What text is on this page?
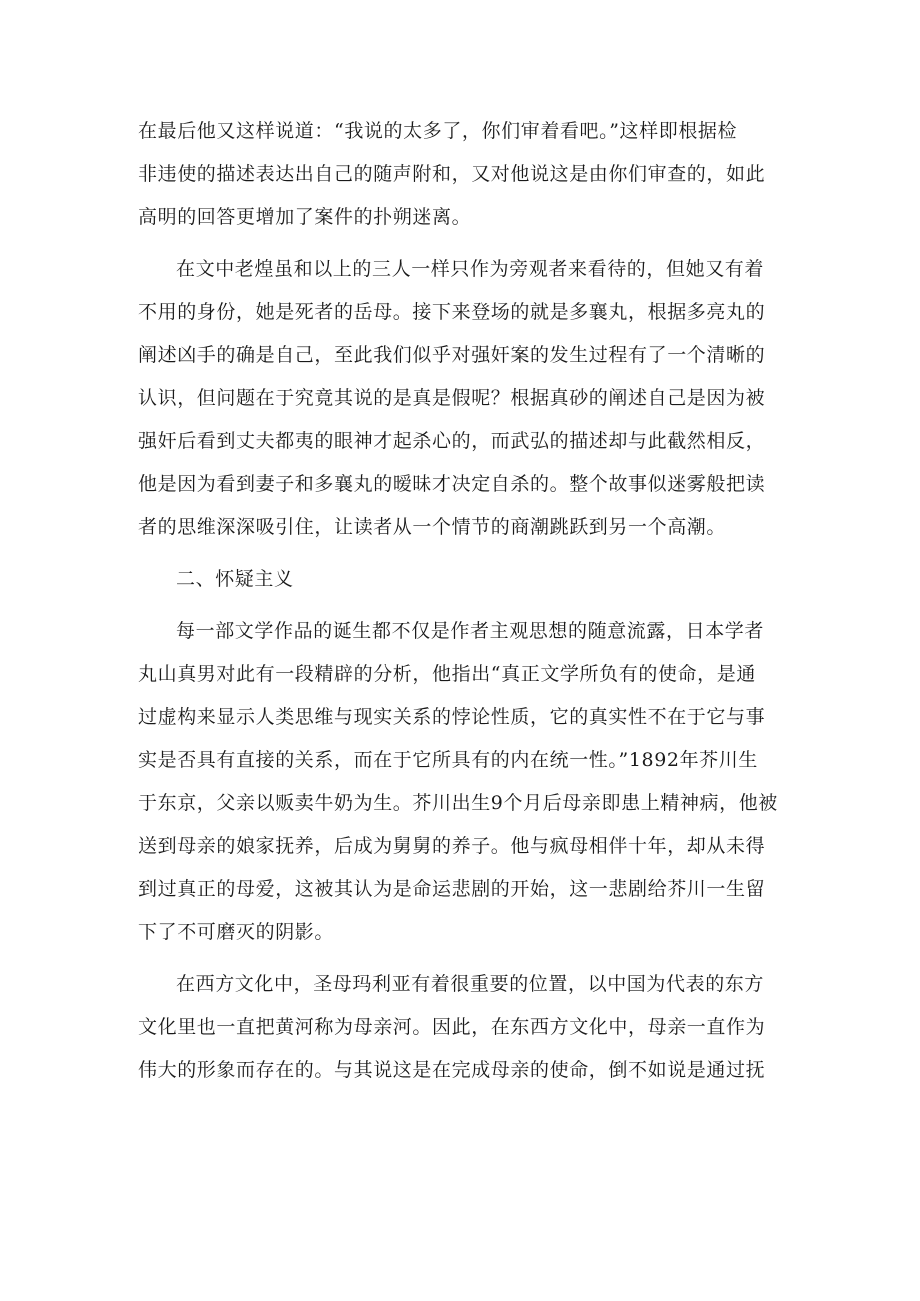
在最后他又这样说道：“我说的太多了，你们审着看吧。”这样即根据检
非违使的描述表达出自己的随声附和，又对他说这是由你们审查的，如此
高明的回答更增加了案件的扑朔迷离。
在文中老煌虽和以上的三人一样只作为旁观者来看待的，但她又有着
不用的身份，她是死者的岳母。接下来登场的就是多襄丸，根据多亮丸的
阐述凶手的确是自己，至此我们似乎对强奸案的发生过程有了一个清晰的
认识，但问题在于究竟其说的是真是假呢？根据真砂的阐述自己是因为被
强奸后看到丈夫都夷的眼神才起杀心的，而武弘的描述却与此截然相反，
他是因为看到妻子和多襄丸的暧昧才决定自杀的。整个故事似迷雾般把读
者的思维深深吸引住，让读者从一个情节的商潮跳跃到另一个高潮。
二、怀疑主义
每一部文学作品的诞生都不仅是作者主观思想的随意流露，日本学者
丸山真男对此有一段精辟的分析，他指出“真正文学所负有的使命，是通
过虚构来显示人类思维与现实关系的悖论性质，它的真实性不在于它与事
实是否具有直接的关系，而在于它所具有的内在统一性。”1892年芥川生
于东京，父亲以贩卖牛奶为生。芥川出生9个月后母亲即患上精神病，他被
送到母亲的娘家抚养，后成为舅舅的养子。他与疯母相伴十年，却从未得
到过真正的母爱，这被其认为是命运悲剧的开始，这一悲剧给芥川一生留
下了不可磨灭的阴影。
在西方文化中，圣母玛利亚有着很重要的位置，以中国为代表的东方
文化里也一直把黄河称为母亲河。因此，在东西方文化中，母亲一直作为
伟大的形象而存在的。与其说这是在完成母亲的使命，倒不如说是通过抚
